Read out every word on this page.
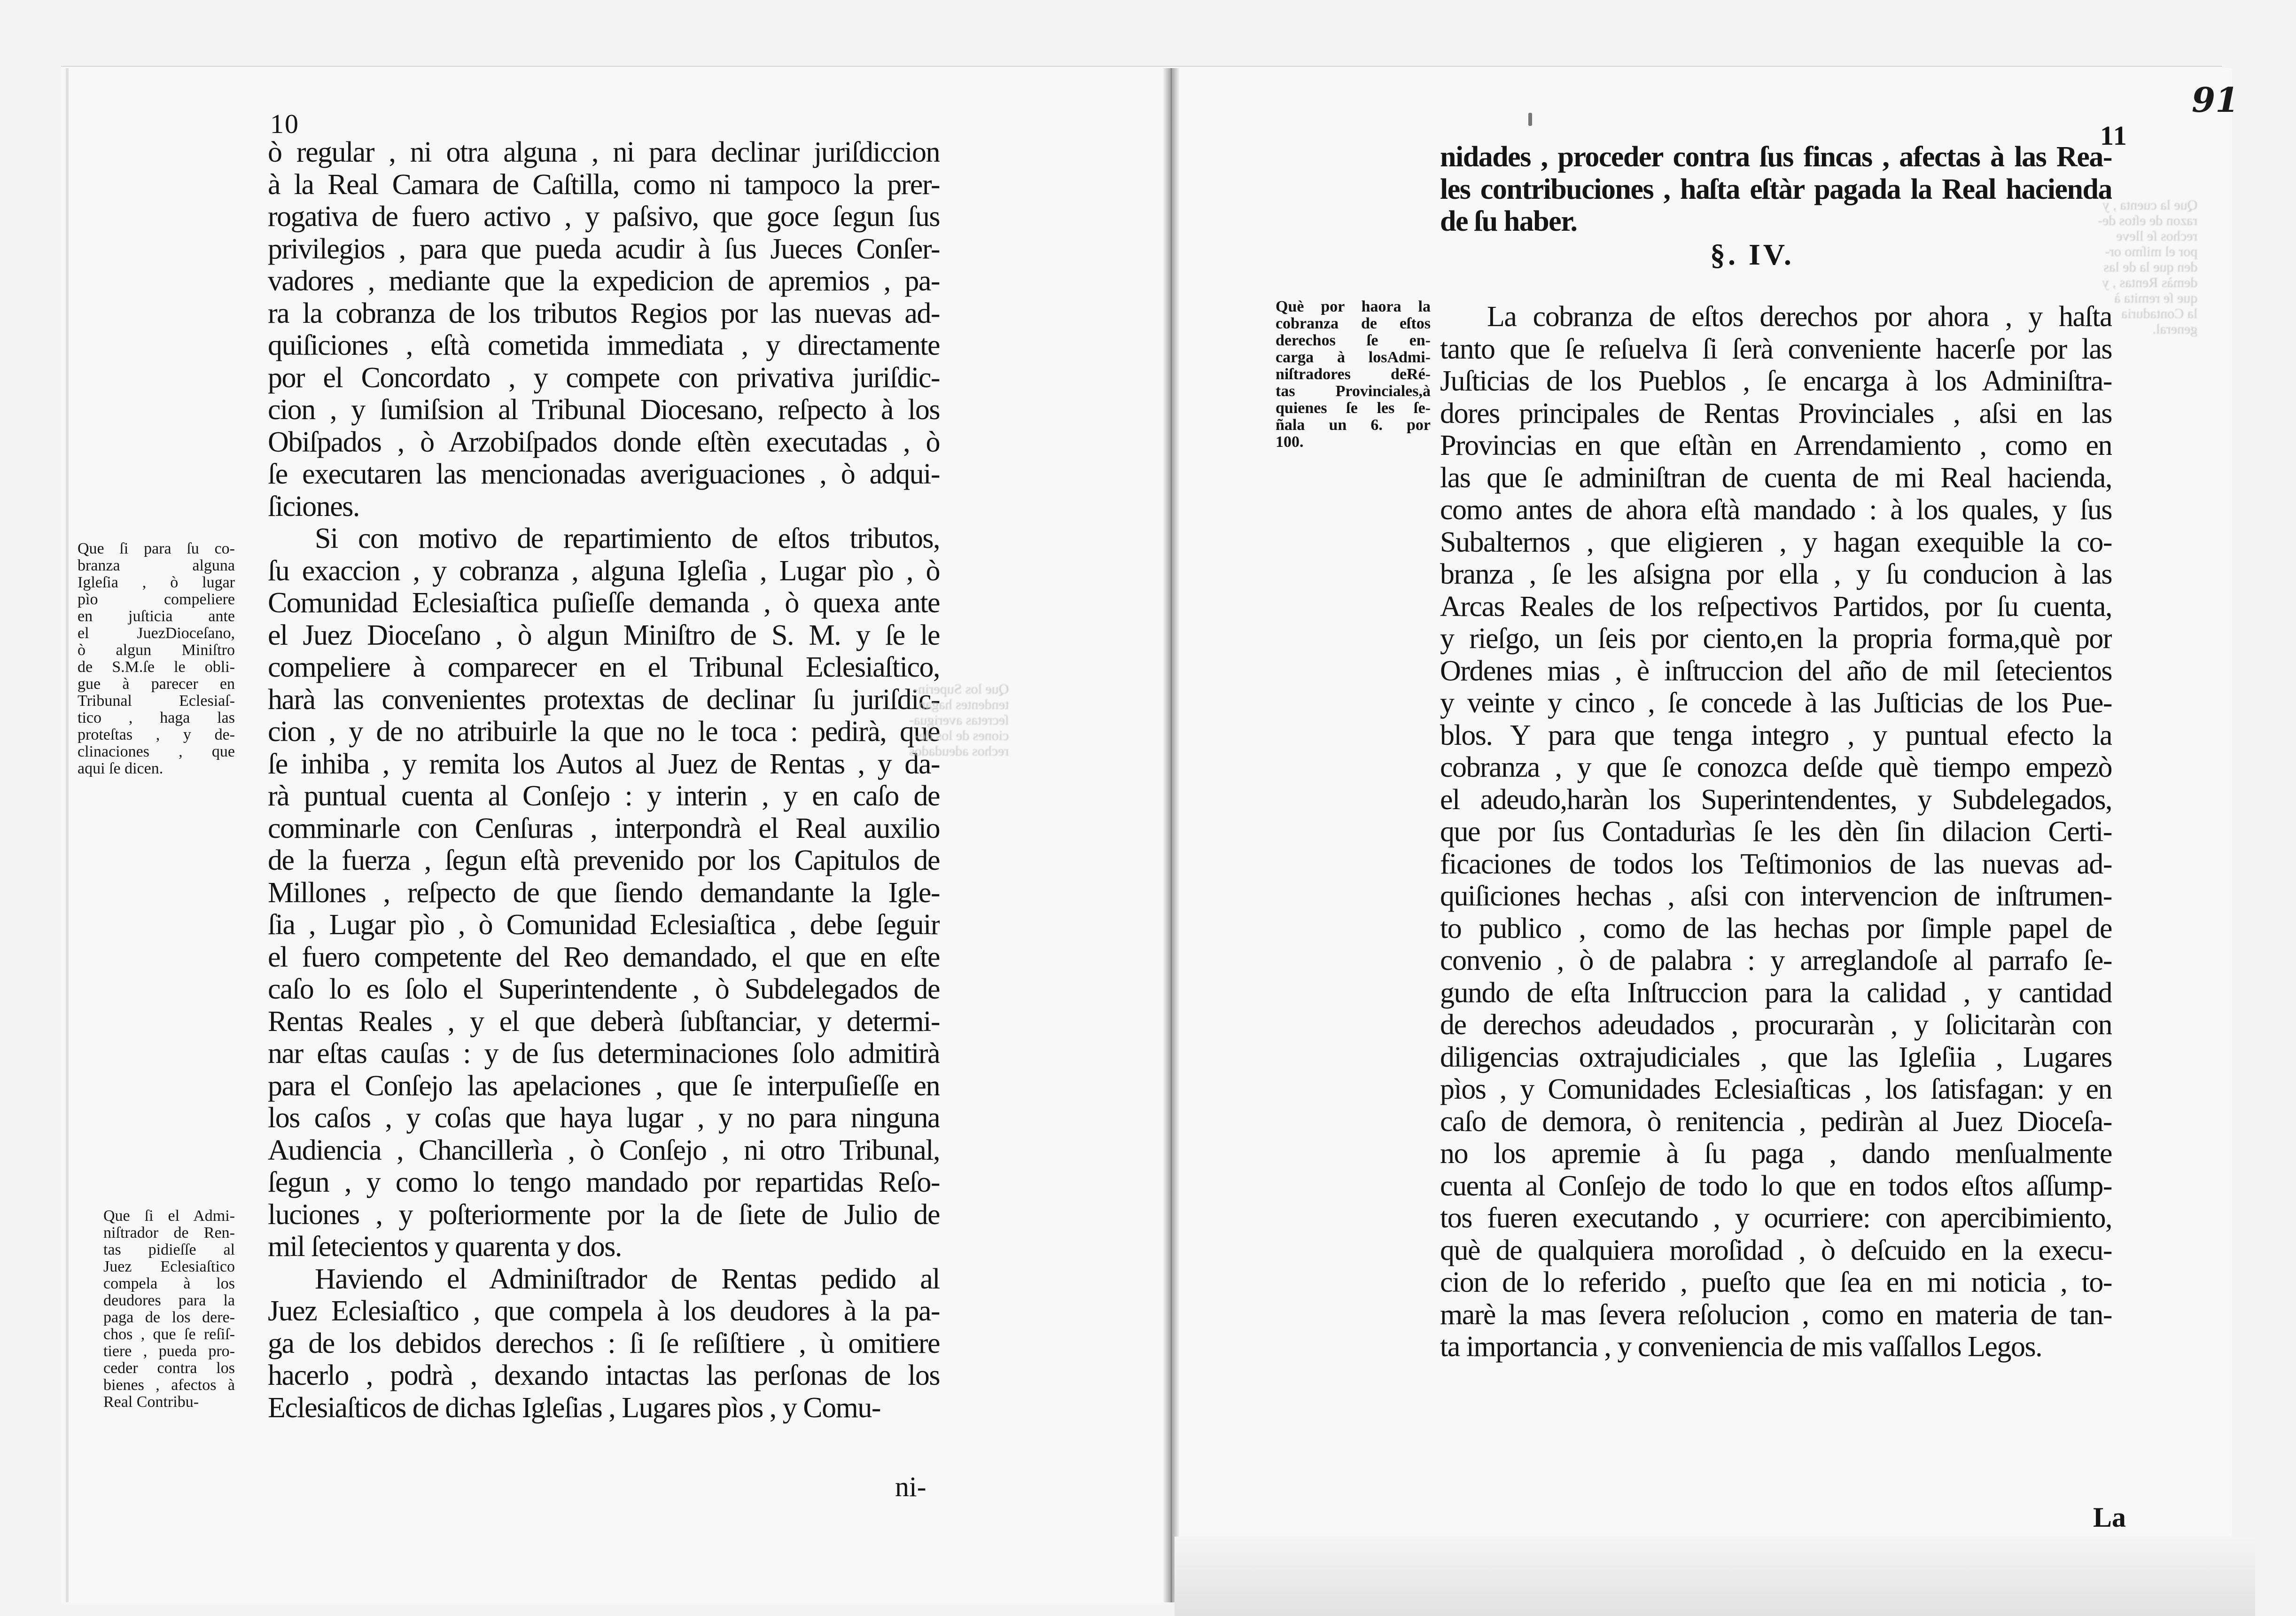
10
ò regular , ni otra alguna , ni para declinar juriſdiccion
à la Real Camara de Caſtilla, como ni tampoco la prer-
rogativa de fuero activo , y paſsivo, que goce ſegun ſus
privilegios , para que pueda acudir à ſus Jueces Conſer-
vadores , mediante que la expedicion de apremios , pa-
ra la cobranza de los tributos Regios por las nuevas ad-
quiſiciones , eſtà cometida immediata , y directamente
por el Concordato , y compete con privativa juriſdic-
cion , y ſumiſsion al Tribunal Diocesano, reſpecto à los
Obiſpados , ò Arzobiſpados donde eſtèn executadas , ò
ſe executaren las mencionadas averiguaciones , ò adqui-
ſiciones.
Si con motivo de repartimiento de eſtos tributos,
ſu exaccion , y cobranza , alguna Igleſia , Lugar pìo , ò
Comunidad Eclesiaſtica puſieſſe demanda , ò quexa ante
el Juez Dioceſano , ò algun Miniſtro de S. M. y ſe le
compeliere à comparecer en el Tribunal Eclesiaſtico,
harà las convenientes protextas de declinar ſu juriſdic-
cion , y de no atribuirle la que no le toca : pedirà, que
ſe inhiba , y remita los Autos al Juez de Rentas , y da-
rà puntual cuenta al Conſejo : y interin , y en caſo de
comminarle con Cenſuras , interpondrà el Real auxilio
de la fuerza , ſegun eſtà prevenido por los Capitulos de
Millones , reſpecto de que ſiendo demandante la Igle-
ſia , Lugar pìo , ò Comunidad Eclesiaſtica , debe ſeguir
el fuero competente del Reo demandado, el que en eſte
caſo lo es ſolo el Superintendente , ò Subdelegados de
Rentas Reales , y el que deberà ſubſtanciar, y determi-
nar eſtas cauſas : y de ſus determinaciones ſolo admitirà
para el Conſejo las apelaciones , que ſe interpuſieſſe en
los caſos , y coſas que haya lugar , y no para ninguna
Audiencia , Chancillerìa , ò Conſejo , ni otro Tribunal,
ſegun , y como lo tengo mandado por repartidas Reſo-
luciones , y poſteriormente por la de ſiete de Julio de
mil ſetecientos y quarenta y dos.
Haviendo el Adminiſtrador de Rentas pedido al
Juez Eclesiaſtico , que compela à los deudores à la pa-
ga de los debidos derechos : ſi ſe reſiſtiere , ù omitiere
hacerlo , podrà , dexando intactas las perſonas de los
Eclesiaſticos de dichas Igleſias , Lugares pìos , y Comu-
ni-
Que ſi para ſu co-
branza alguna
Igleſia , ò lugar
pìo compeliere
en juſticia ante
el JuezDioceſano,
ò algun Miniſtro
de S.M.ſe le obli-
gue à parecer en
Tribunal Eclesiaſ-
tico , haga las
proteſtas , y de-
clinaciones , que
aqui ſe dicen.
Que ſi el Admi-
niſtrador de Ren-
tas pidieſſe al
Juez Eclesiaſtico
compela à los
deudores para la
paga de los dere-
chos , que ſe reſiſ-
tiere , pueda pro-
ceder contra los
bienes , afectos à
Real Contribu-
Que los Superin-
tendentes hagan
ſecretas averigua-
ciones de los de-
rechos adeudados
91
11
nidades , proceder contra ſus fincas , afectas à las Rea-
les contribuciones , haſta eſtàr pagada la Real hacienda
de ſu haber.
§. IV.
La cobranza de eſtos derechos por ahora , y haſta
tanto que ſe reſuelva ſi ſerà conveniente hacerſe por las
Juſticias de los Pueblos , ſe encarga à los Adminiſtra-
dores principales de Rentas Provinciales , aſsi en las
Provincias en que eſtàn en Arrendamiento , como en
las que ſe adminiſtran de cuenta de mi Real hacienda,
como antes de ahora eſtà mandado : à los quales, y ſus
Subalternos , que eligieren , y hagan exequible la co-
branza , ſe les aſsigna por ella , y ſu conducion à las
Arcas Reales de los reſpectivos Partidos, por ſu cuenta,
y rieſgo, un ſeis por ciento,en la propria forma,què por
Ordenes mias , è inſtruccion del año de mil ſetecientos
y veinte y cinco , ſe concede à las Juſticias de los Pue-
blos. Y para que tenga integro , y puntual efecto la
cobranza , y que ſe conozca deſde què tiempo empezò
el adeudo,haràn los Superintendentes, y Subdelegados,
que por ſus Contadurìas ſe les dèn ſin dilacion Certi-
ficaciones de todos los Teſtimonios de las nuevas ad-
quiſiciones hechas , aſsi con intervencion de inſtrumen-
to publico , como de las hechas por ſimple papel de
convenio , ò de palabra : y arreglandoſe al parrafo ſe-
gundo de eſta Inſtruccion para la calidad , y cantidad
de derechos adeudados , procuraràn , y ſolicitaràn con
diligencias oxtrajudiciales , que las Igleſiia , Lugares
pìos , y Comunidades Eclesiaſticas , los ſatisfagan: y en
caſo de demora, ò renitencia , pediràn al Juez Dioceſa-
no los apremie à ſu paga , dando menſualmente
cuenta al Conſejo de todo lo que en todos eſtos aſſump-
tos fueren executando , y ocurriere: con apercibimiento,
què de qualquiera moroſidad , ò deſcuido en la execu-
cion de lo referido , pueſto que ſea en mi noticia , to-
marè la mas ſevera reſolucion , como en materia de tan-
ta importancia , y conveniencia de mis vaſſallos Legos.
Què por haora la
cobranza de eſtos
derechos ſe en-
carga à losAdmi-
niſtradores deRé-
tas Provinciales,à
quienes ſe les ſe-
ñala un 6. por
100.
La
Que la cuenta , y
razon de eſtos de-
rechos ſe lleve
por el miſmo or-
den que la de las
demàs Rentas , y
que ſe remita à
la Contaduria
general.
